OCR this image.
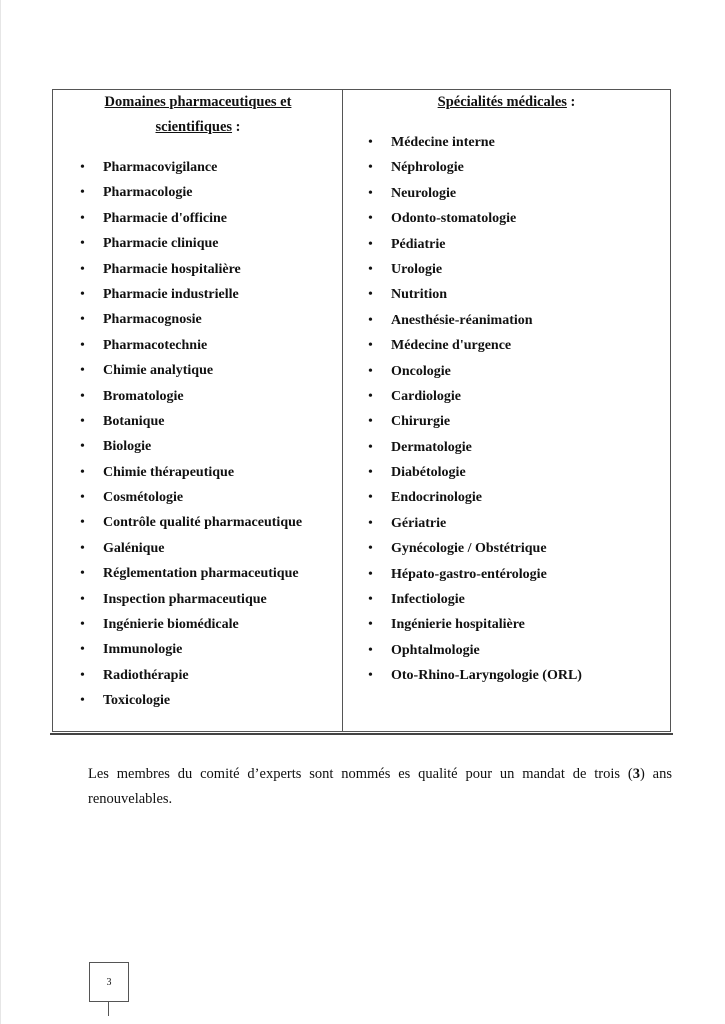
Domaines pharmaceutiques et
scientifiques :
• Pharmacovigilance
• Pharmacologie
• Pharmacie d'officine
• Pharmacie clinique
• Pharmacie hospitalière
• Pharmacie industrielle
• Pharmacognosie
• Pharmacotechnie
• Chimie analytique
• Bromatologie
• Botanique
• Biologie
• Chimie thérapeutique
• Cosmétologie
• Contrôle qualité pharmaceutique
• Galénique
• Réglementation pharmaceutique
• Inspection pharmaceutique
• Ingénierie biomédicale
• Immunologie
• Radiothérapie
• Toxicologie
Spécialités médicales :
• Médecine interne
• Néphrologie
• Neurologie
• Odonto-stomatologie
• Pédiatrie
• Urologie
• Nutrition
• Anesthésie-réanimation
• Médecine d'urgence
• Oncologie
• Cardiologie
• Chirurgie
• Dermatologie
• Diabétologie
• Endocrinologie
• Gériatrie
• Gynécologie / Obstétrique
• Hépato-gastro-entérologie
• Infectiologie
• Ingénierie hospitalière
• Ophtalmologie
• Oto-Rhino-Laryngologie (ORL)

Les membres du comité d’experts sont nommés es qualité pour un mandat de trois (3) ans renouvelables.

3
